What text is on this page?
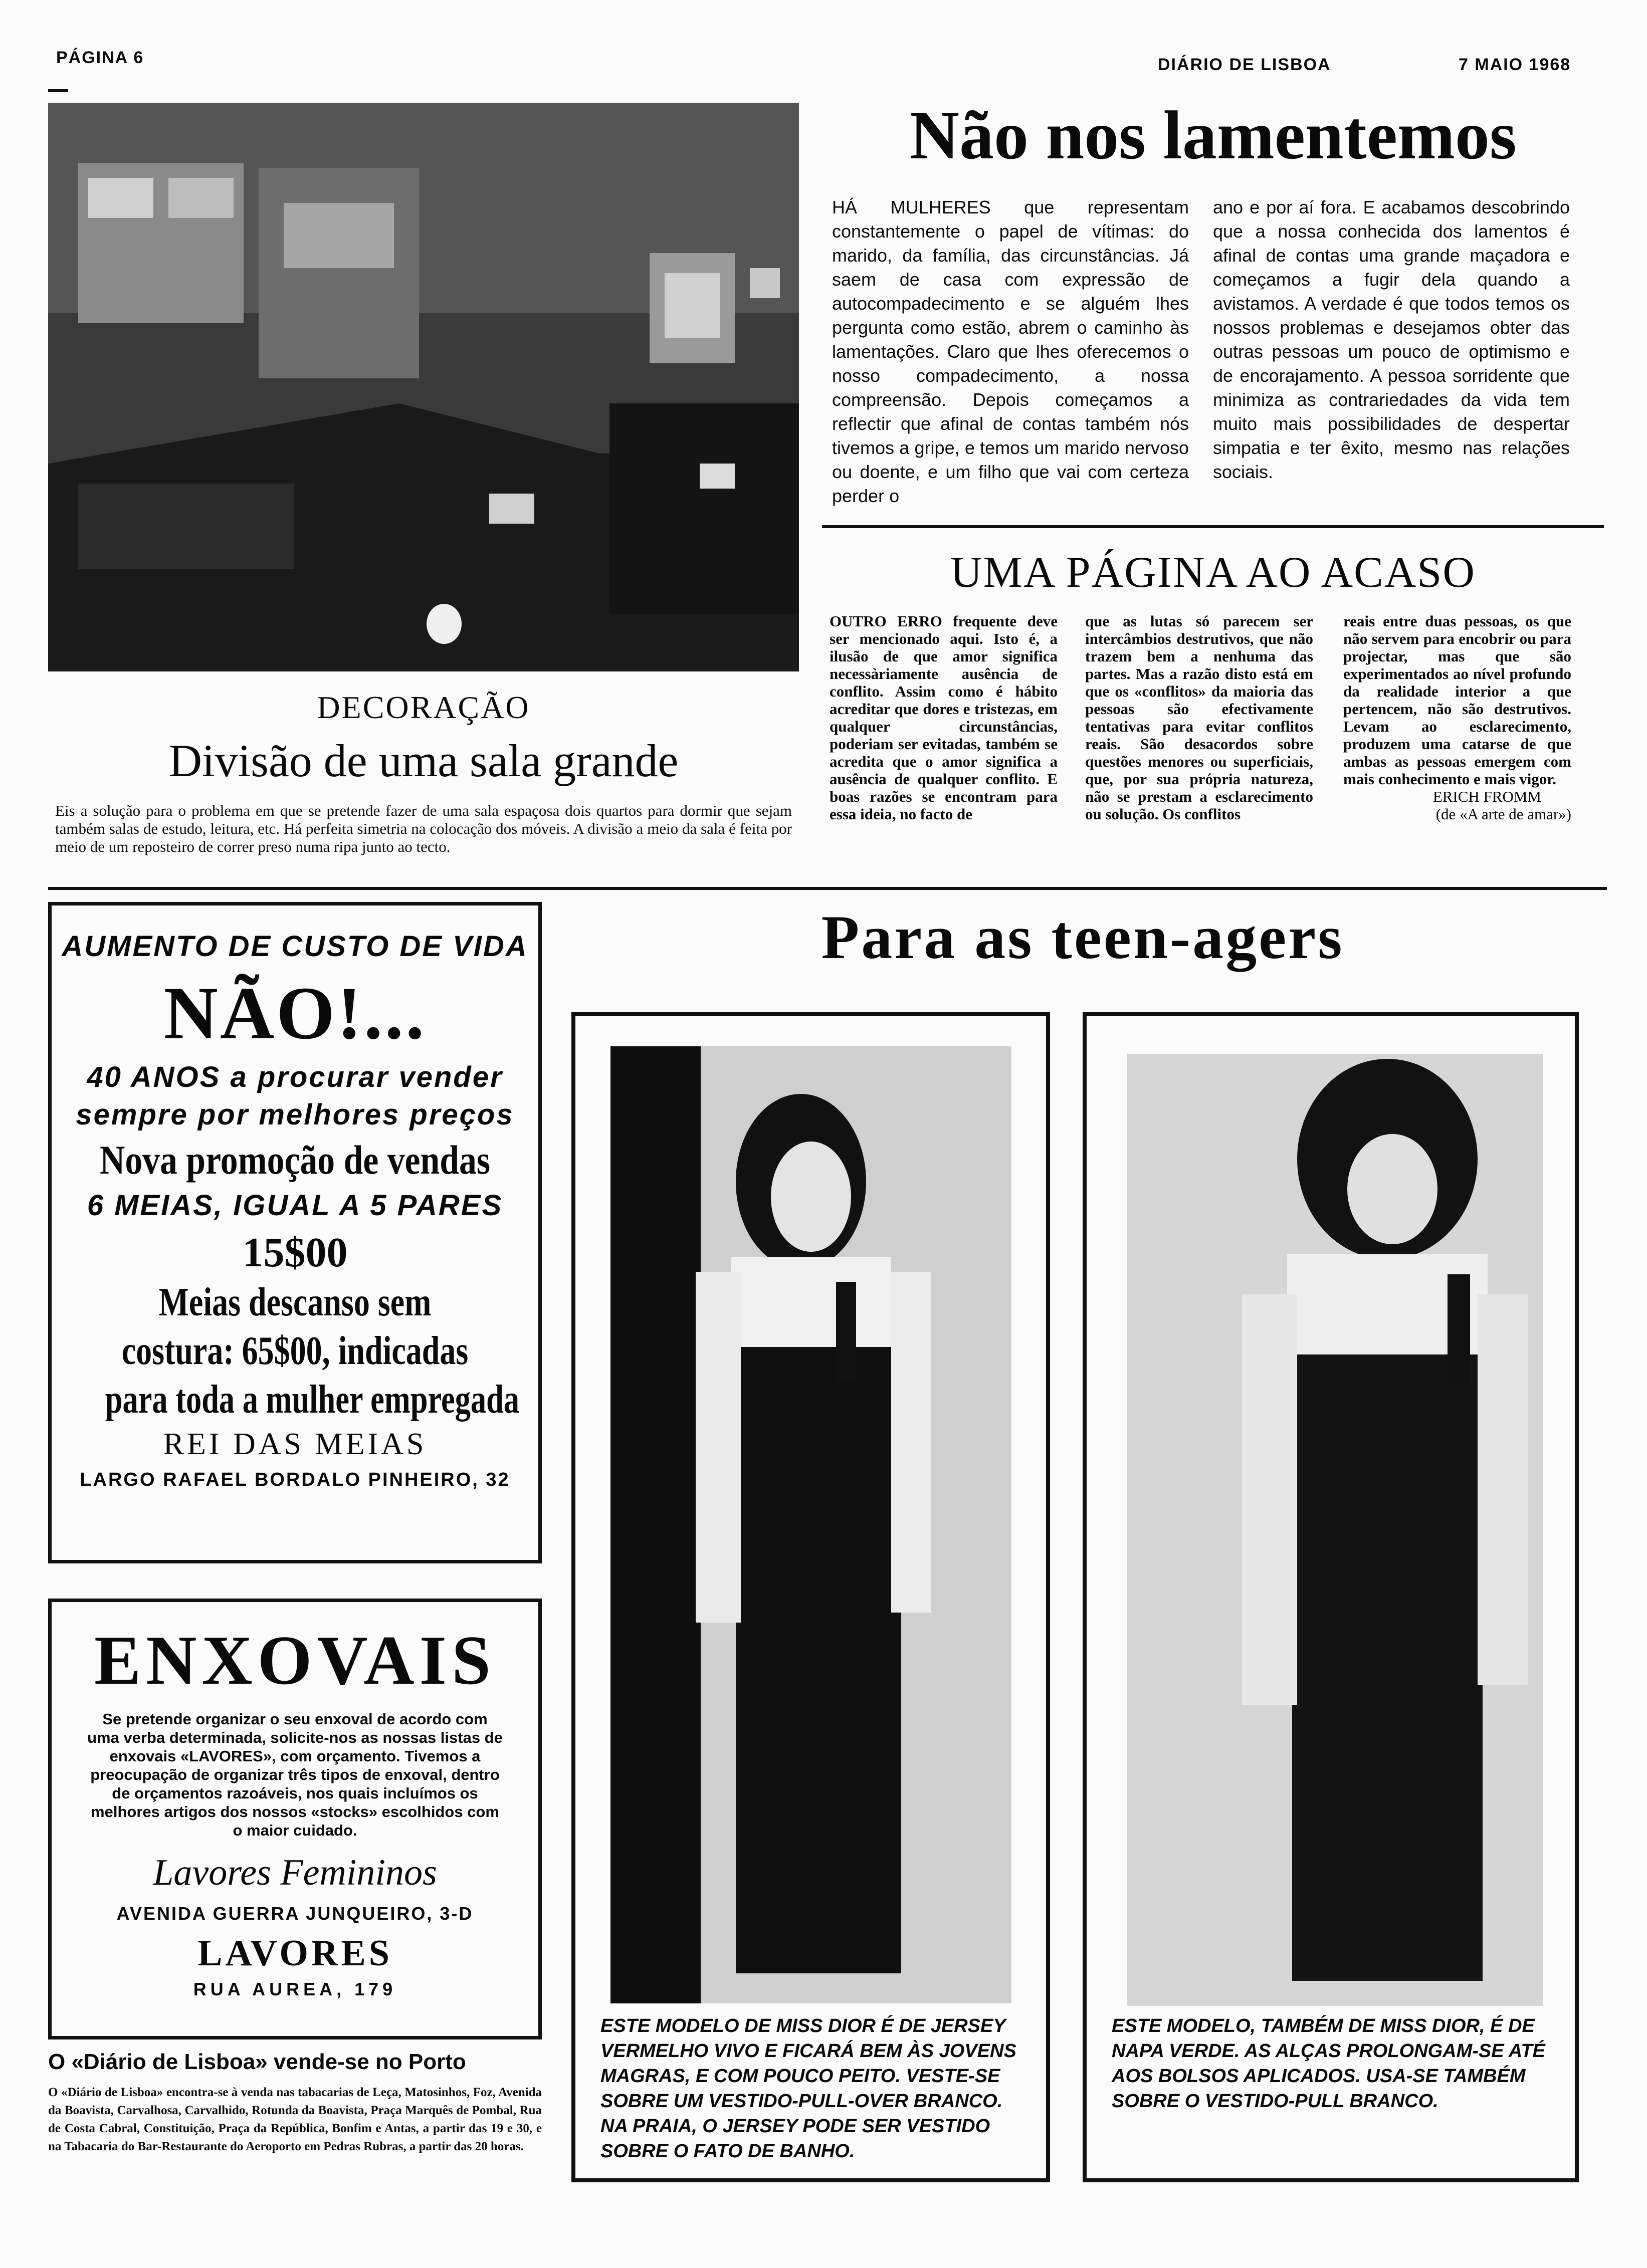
PÁGINA 6	DIÁRIO DE LISBOA	7 MAIO 1968
DECORAÇÃO
Divisão de uma sala grande

Eis a solução para o problema em que se pretende fazer de uma sala espaçosa dois quartos para dormir que sejam também salas de estudo, leitura, etc. Há perfeita simetria na colocação dos móveis. A divisão a meio da sala é feita por meio de um reposteiro de correr preso numa ripa junto ao tecto.

Não nos lamentemos

HÁ MULHERES que representam constantemente o papel de vítimas: do marido, da família, das circunstâncias. Já saem de casa com expressão de autocompadecimento e se alguém lhes pergunta como estão, abrem o caminho às lamentações. Claro que lhes oferecemos o nosso compadecimento, a nossa compreensão. Depois começamos a reflectir que afinal de contas também nós tivemos a gripe, e temos um marido nervoso ou doente, e um filho que vai com certeza perder o

ano e por aí fora. E acabamos descobrindo que a nossa conhecida dos lamentos é afinal de contas uma grande maçadora e começamos a fugir dela quando a avistamos. A verdade é que todos temos os nossos problemas e desejamos obter das outras pessoas um pouco de optimismo e de encorajamento. A pessoa sorridente que minimiza as contrariedades da vida tem muito mais possibilidades de despertar simpatia e ter êxito, mesmo nas relações sociais.

UMA PÁGINA AO ACASO

OUTRO ERRO frequente deve ser mencionado aqui. Isto é, a ilusão de que amor significa necessàriamente ausência de conflito. Assim como é hábito acreditar que dores e tristezas, em qualquer circunstâncias, poderiam ser evitadas, também se acredita que o amor significa a ausência de qualquer conflito. E boas razões se encontram para essa ideia, no facto de

que as lutas só parecem ser intercâmbios destrutivos, que não trazem bem a nenhuma das partes. Mas a razão disto está em que os «conflitos» da maioria das pessoas são efectivamente tentativas para evitar conflitos reais. São desacordos sobre questões menores ou superficiais, que, por sua própria natureza, não se prestam a esclarecimento ou solução. Os conflitos

reais entre duas pessoas, os que não servem para encobrir ou para projectar, mas que são experimentados ao nível profundo da realidade interior a que pertencem, não são destrutivos. Levam ao esclarecimento, produzem uma catarse de que ambas as pessoas emergem com mais conhecimento e mais vigor.

ERICH FROMM
(de «A arte de amar»)
AUMENTO DE CUSTO DE VIDA
NÃO!...
40 ANOS a procurar vender
sempre por melhores preços
Nova promoção de vendas
6 MEIAS, IGUAL A 5 PARES
15$00
Meias descanso sem
costura: 65$00, indicadas
para toda a mulher empregada
REI DAS MEIAS
LARGO RAFAEL BORDALO PINHEIRO, 32
ENXOVAIS

Se pretende organizar o seu enxoval de acordo com uma verba determinada, solicite-nos as nossas listas de enxovais «LAVORES», com orçamento. Tivemos a preocupação de organizar três tipos de enxoval, dentro de orçamentos razoáveis, nos quais incluímos os melhores artigos dos nossos «stocks» escolhidos com o maior cuidado.

Lavores Femininos
AVENIDA GUERRA JUNQUEIRO, 3-D
LAVORES
RUA AUREA, 179
O «Diário de Lisboa» vende-se no Porto

O «Diário de Lisboa» encontra-se à venda nas tabacarias de Leça, Matosinhos, Foz, Avenida da Boavista, Carvalhosa, Carvalhido, Rotunda da Boavista, Praça Marquês de Pombal, Rua de Costa Cabral, Constituição, Praça da República, Bonfim e Antas, a partir das 19 e 30, e na Tabacaria do Bar-Restaurante do Aeroporto em Pedras Rubras, a partir das 20 horas.

Para as teen-agers
ESTE MODELO DE MISS DIOR É DE JERSEY VERMELHO VIVO E FICARÁ BEM ÀS JOVENS MAGRAS, E COM POUCO PEITO. VESTE-SE SOBRE UM VESTIDO-PULL-OVER BRANCO. NA PRAIA, O JERSEY PODE SER VESTIDO SOBRE O FATO DE BANHO.
ESTE MODELO, TAMBÉM DE MISS DIOR, É DE NAPA VERDE. AS ALÇAS PROLONGAM-SE ATÉ AOS BOLSOS APLICADOS. USA-SE TAMBÉM SOBRE O VESTIDO-PULL BRANCO.
